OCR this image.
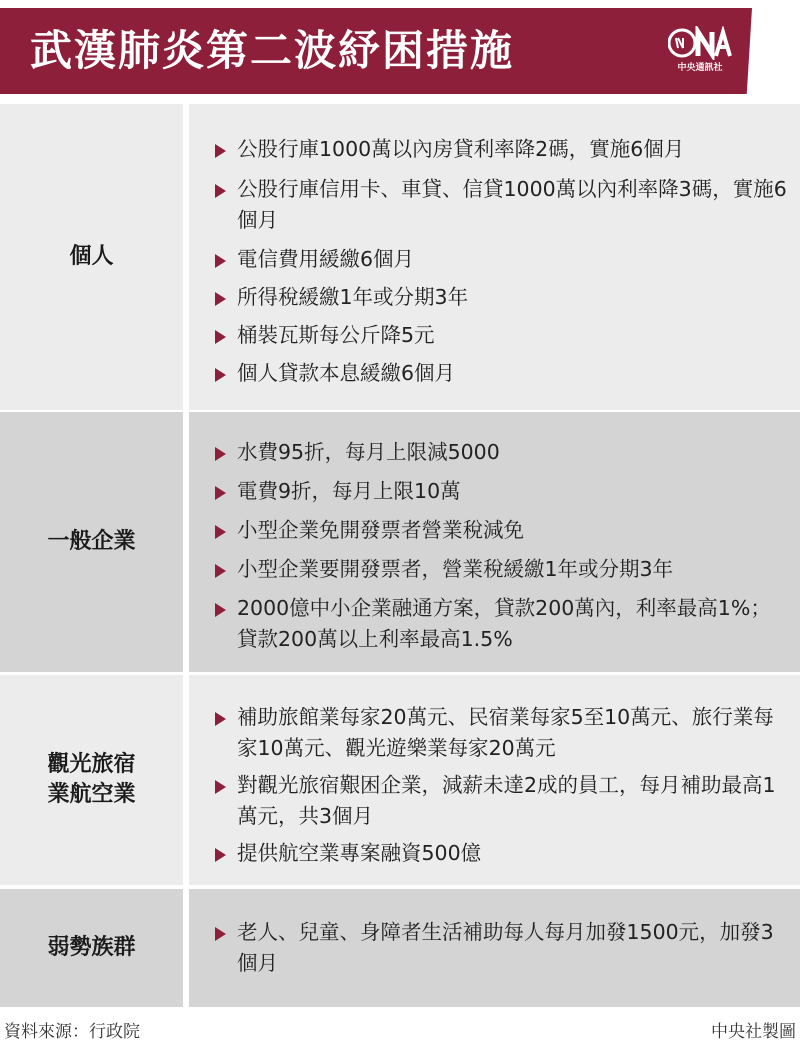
武漢肺炎第二波紓困措施	中央通訊社
個人
公股行庫1000萬以內房貸利率降2碼，實施6個月
公股行庫信用卡、車貸、信貸1000萬以內利率降3碼，實施6個月
電信費用緩繳6個月
所得稅緩繳1年或分期3年
桶裝瓦斯每公斤降5元
個人貸款本息緩繳6個月
一般企業
水費95折，每月上限減5000
電費9折，每月上限10萬
小型企業免開發票者營業稅減免
小型企業要開發票者，營業稅緩繳1年或分期3年
2000億中小企業融通方案，貸款200萬內，利率最高1%；貸款200萬以上利率最高1.5%
觀光旅宿業航空業
補助旅館業每家20萬元、民宿業每家5至10萬元、旅行業每家10萬元、觀光遊樂業每家20萬元
對觀光旅宿艱困企業，減薪未達2成的員工，每月補助最高1萬元，共3個月
提供航空業專案融資500億
弱勢族群
老人、兒童、身障者生活補助每人每月加發1500元，加發3個月
資料來源：行政院	中央社製圖
